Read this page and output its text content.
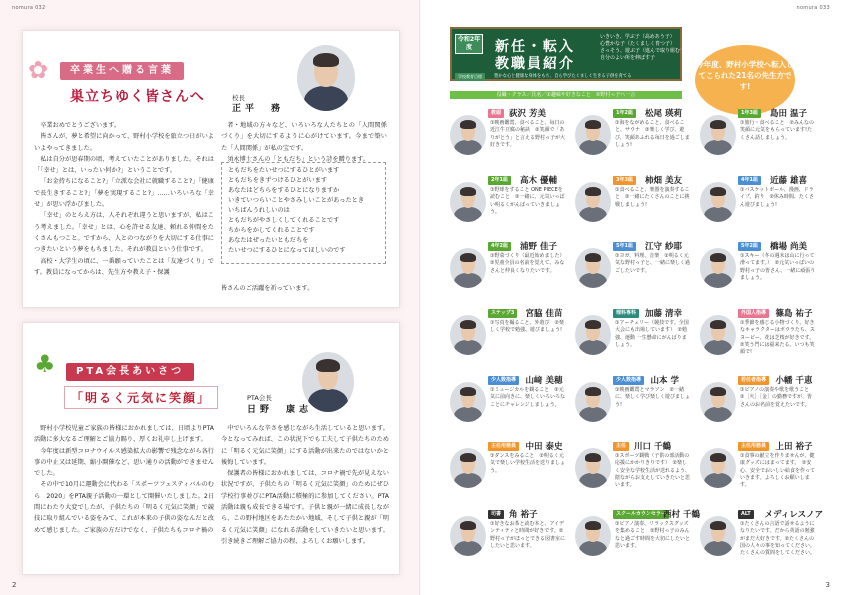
nomura 032
✿	卒業生へ贈る言葉
巣立ちゆく皆さんへ	校長
正平　務

卒業おめでとうございます。

皆さんが、夢と希望に向かって、野村小学校を旅立つ日がいよいよやってきました。

私は自分が思春期の頃、考えていたことがありました。それは「「幸せ」とは、いったい何か?」ということです。

「お金持ちになること?」「立派な会社に就職すること?」「健康で長生きすること?」「夢を実現すること?」……いろいろな「幸せ」が思い浮かびました。

「幸せ」のとらえ方は、人それぞれ違うと思いますが、私はこう考えました。「幸せ」とは、心を許せる友達、頼れる仲間をたくさんもつこと。ですから、人とのつながりを大切にする仕事につきたいという夢をもちました。それが教員という仕事です。

高校・大学生の頃に、一番願っていたことは「友達づくり」です。教員になってからは、先生方や教え子・保護

者・地域の方々など、いろいろな人たちとの「人間関係づくり」を大切にするように心がけています。今まで築いた「人間関係」が私の宝です。

須永博士さんの「ともだち」という詩を贈ります。

ともだちをたいせつにするひとがいます
ともだちをきずつけるひとがいます
あなたはどちらをするひとになりますか
いきていつらいことやさみしいことがあったとき
いちばんうれしいのは
ともだちがやさしくしてくれることです
ちからをかしてくれることです
あなたはぜったいともだちを
たいせつにするひとになってほしいのです
皆さんのご活躍を祈っています。
♣	PTA会長あいさつ
「明るく元気に笑顔」	PTA会長
日野　康志

野村小学校児童ご家族の皆様におかれましては、日頃よりPTA活動に多大なるご理解とご協力賜り、厚くお礼申し上げます。

今年度は新型コロナウイルス感染拡大の影響で残念ながら各行事の中止又は延期、縮小開催など、思い通りの活動ができませんでした。

その中で10月に運動会に代わる「スポーツフェスティバルのむら　2020」をPTA親子活動の一環として開催いたしました。2日間にわたり大変でしたが、子供たちの「明るく元気に笑顔」で競技に取り組んでいる姿をみて、これが本来の子供の姿なんだと改めて感じました。ご家族の方だけでなく、子供たちもコロナ禍の

中でいろんな辛さを感じながら生活していると思います。今となってみれば、この状況下でも工夫して子供たちのために「明るく元気に笑顔」にする活動が出来たのではないかと後悔しています。

保護者の皆様におかれましては、コロナ禍で先が見えない状況ですが、子供たちの「明るく元気に笑顔」のためにぜひ学校行事並びにPTA活動に積極的に参加してください。PTA活動は親も成長できる場です。子供と親が一緒に成長しながら、この野村地区をあたたかい地域、そして子供と親が「明るく元気に笑顔」になれる活動をしていきたいと思います。引き続きご理解ご協力の程、よろしくお願いします。

2
nomura 033
3
令和2年度	新任・転入
教職員紹介
いきいき、学ぶ子（高めあう子）
心豊かな子（たくましく育つ子）
さっそう、遊ぶ子（進んで取り組む子）
自分のよい所を伸ばす子
学校教育目標	豊かな心と健康な身体をもち、自ら学びたくましく生きる子供を育てる
今年度、野村小学校へ転入してこられた21名の先生方です!
役職・クラス／氏名／①趣味や好きなこと　②野村っ子へ一言
教頭 荻沢 芳美
①映画鑑賞、食べること、毎日の近江牛豆腐の秘訣　②笑顔で「ありがとう」と言える野村っ子が大好きです。
1年2組	松尾 瑛莉
①海をながめること、食べること、サウナ　②楽しく学び、遊び、笑顔あふれる毎日を過ごしましょう!
1年3組	島田 温子
①旅行・食べること　②みんなの笑顔に元気をもらっています!たくさん話しましょう。
2年1組	高木 優輔
①野球をすること ONE PIECEを読むこと　②一緒に、元気いっぱい明るくがんばっていきましょう。
3年3組	柿畑 美友
①食べること、楽器を演奏すること　②一緒にたくさんのことに挑戦しましょう!
4年1組	近藤 雄喜
①バスケットボール、漫画、ドライブ、釣り　②休み時間、たくさん遊びましょう!
4年2組	浦野 佳子
①野菜づくり（最近始めました）　②児童全員の名前を覚えて、みなさんと仲良くなりたいです。
5年1組	江守 紗耶
①ヨガ、料理、音楽　②明るく元気な野村っ子と、一緒に楽しく過ごしたいです。
5年2組	橋場 尚美
①スキー（冬の週末は山に行って滑ってます。）　②元気いっぱいの野村っ子の皆さん、一緒に頑張りましょう。
ステップ3	宮脇 佳苗
①写真を撮ること、外遊び　②楽しく学校で勉強、遊びましょう!
理科専科	加藤 清幸
①アーチェリー（競技です。全国大会にも出場しています）　②勉強、運動 一生懸命にがんばりましょう。
外国人指導	篠島 祐子
①季節を感じる小物づくり、好きなキャラクターはボウラたち、スヌーピー、花は芝桜が好きです。②笑う門には福来たる。いつも笑顔で!
少人数指導	山﨑 美穂
①ミュージカルを観ること　②元気に前向きに、楽しくいろいろなことにチャレンジしましょう。
少人数指導	山本 学
①映画鑑賞とマラソン　②一緒に、楽しく学び楽しく遊びましょう!
若任者指導	小幡 千恵
①ピアノの演奏や歌を歌うこと　②［火］［金］の勤務ですが、皆さんのお名前を覚えたいです。
主任用務員	中田 泰史
①ダンスをみること　②明るく元気で楽しい学校生活を送りましょう。
主任 川口 千鶴
①スポーツ観戦（子供の部活動の応援にかかりきりです）　②楽しく安全な学校生活が送れるよう、陰ながらお支えしていきたいと思います。
主任用務員	上田 裕子
①食事の献立を作りませんが、健康グッズにはまってます。　②安心、安全でおいしい給食を作っていきます。よろしくお願いします。
司書 角 裕子
①好きなお茶と読む本と、アイデンティティと時間が好きです。②野村っ子がほっとできる図書室にしたいと思います。
スクールカウンセラー
西村 千鶴
①ピアノ演奏、リラックスグッズを集めること　②野村っ子のみんなと過ごす時間を大切にしたいと思います。
ALT	メディレスノア
①たくさんの言語で話せるようになりたいです。だから英語の勉強がまだ大好きです。②たくさんの国の人々の事を知ってください。たくさんの質問をしてください。
